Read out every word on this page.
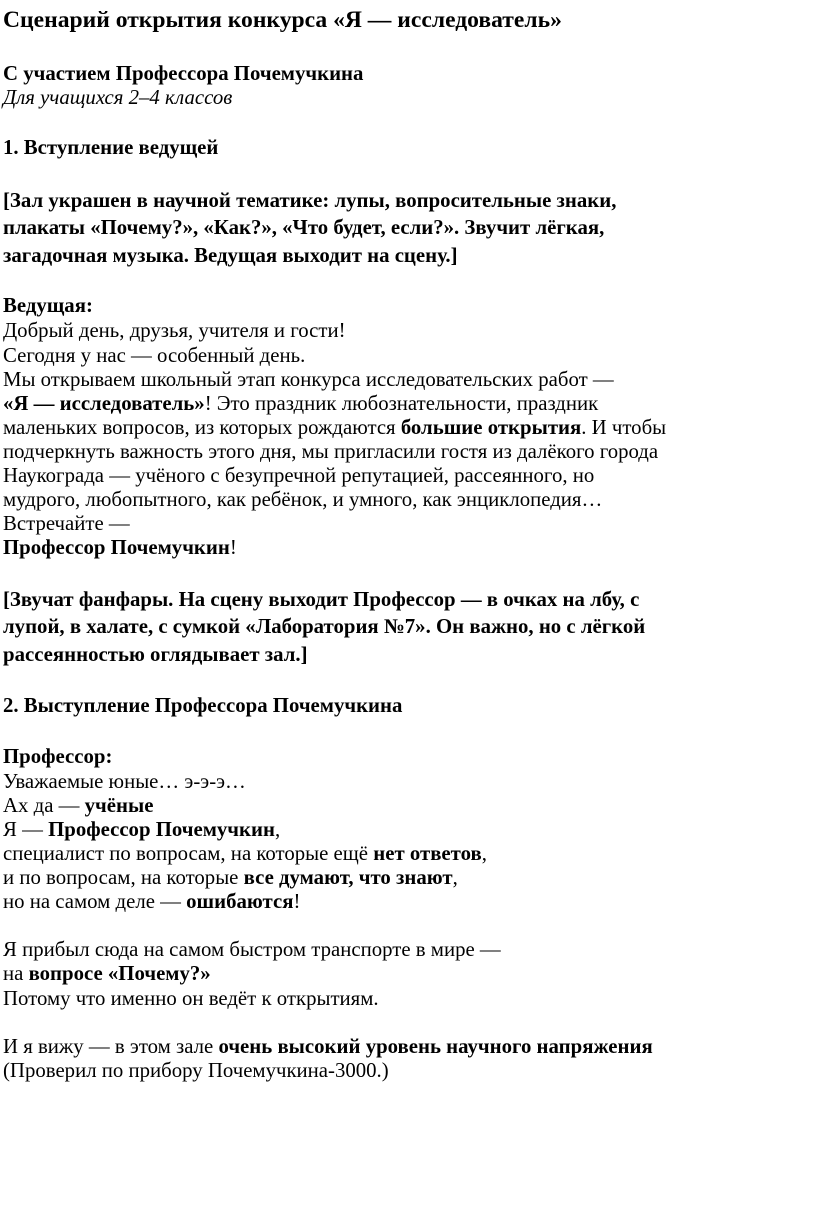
Сценарий открытия конкурса «Я — исследователь»
С участием Профессора Почемучкина
Для учащихся 2–4 классов
1. Вступление ведущей
[Зал украшен в научной тематике: лупы, вопросительные знаки,
плакаты «Почему?», «Как?», «Что будет, если?». Звучит лёгкая,
загадочная музыка. Ведущая выходит на сцену.]
Ведущая:
Добрый день, друзья, учителя и гости!
Сегодня у нас — особенный день.
Мы открываем школьный этап конкурса исследовательских работ —
«Я — исследователь»! Это праздник любознательности, праздник
маленьких вопросов, из которых рождаются большие открытия. И чтобы
подчеркнуть важность этого дня, мы пригласили гостя из далёкого города
Наукограда — учёного с безупречной репутацией, рассеянного, но
мудрого, любопытного, как ребёнок, и умного, как энциклопедия…
Встречайте —
Профессор Почемучкин!
[Звучат фанфары. На сцену выходит Профессор — в очках на лбу, с
лупой, в халате, с сумкой «Лаборатория №7». Он важно, но с лёгкой
рассеянностью оглядывает зал.]
2. Выступление Профессора Почемучкина
Профессор:
Уважаемые юные… э-э-э…
Ах да — учёные
Я — Профессор Почемучкин,
специалист по вопросам, на которые ещё нет ответов,
и по вопросам, на которые все думают, что знают,
но на самом деле — ошибаются!
Я прибыл сюда на самом быстром транспорте в мире —
на вопросе «Почему?»
Потому что именно он ведёт к открытиям.
И я вижу — в этом зале очень высокий уровень научного напряжения
(Проверил по прибору Почемучкина-3000.)
